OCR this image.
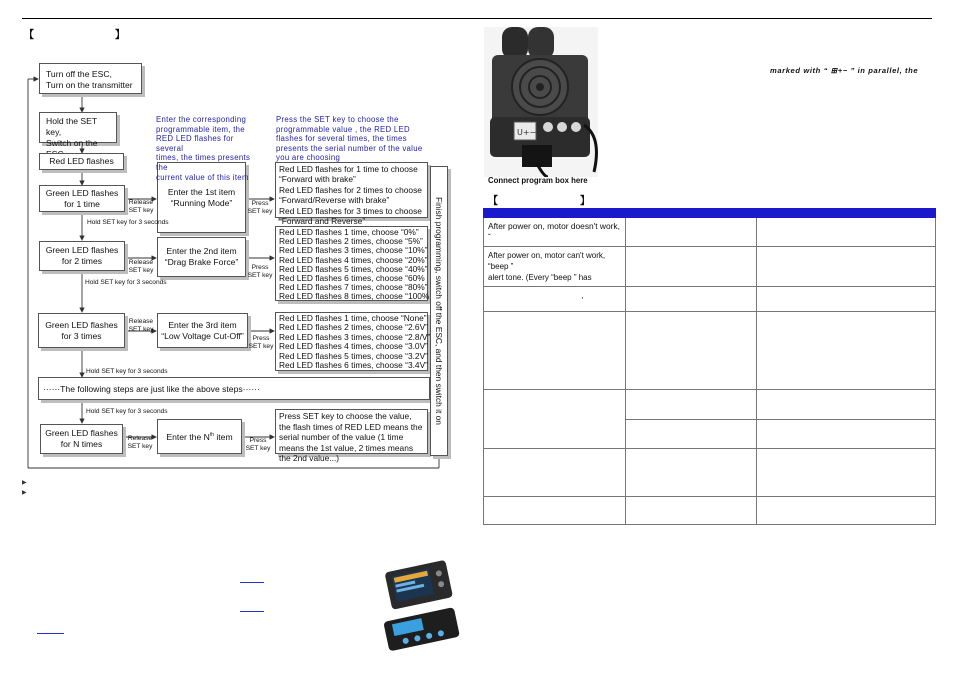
【	】
Turn off the ESC,
Turn on the transmitter
Hold the SET key,
Switch on the
Red LED flashes
Green LED flashes
for 1 time
Green LED flashes
for 2 times
Green LED flashes
for 3 times
······The following steps are just like the above steps······
Green LED flashes
for N times
Enter the 1st item
“Running Mode”
Enter the 2nd item
“Drag Brake Force”
Enter the 3rd item
“Low Voltage Cut-Off”
Enter the $N^{th}$ item
Release
SET key
Release
SET key
Release
SET key
Release
SET key
Press
SET key
Press
SET key
Press
SET key
Press
SET key
Hold SET key for 3 seconds
Hold SET key for 3 seconds
Hold SET key for 3 seconds
Hold SET key for 3 seconds
Enter the corresponding
programmable item, the
RED LED flashes for several
times, the times presents the
current value of this item
Press the SET key to choose the
programmable value , the RED LED
flashes for several times, the times
presents the serial number of the value
you are choosing
Red LED flashes for 1 time to choose
“Forward with brake”
Red LED flashes for 2 times to choose
“Forward/Reverse with brake”
Red LED flashes for 3 times to choose
“Forward and Reverse”
Red LED flashes 1 time, choose “0%”
Red LED flashes 2 times, choose “5%”
Red LED flashes 3 times, choose “10%”
Red LED flashes 4 times, choose “20%”
Red LED flashes 5 times, choose “40%”
Red LED flashes 6 times, choose “60%
Red LED flashes 7 times, choose “80%”
Red LED flashes 8 times, choose “100%
Red LED flashes 1 time, choose “None”
Red LED flashes 2 times, choose “2.6V”
Red LED flashes 3 times, choose “2.8/V”
Red LED flashes 4 times, choose “3.0V”
Red LED flashes 5 times, choose “3.2V”
Red LED flashes 6 times, choose “3.4V”
Press SET key to choose the value, the flash times of RED LED means the serial number of the value (1 time means the 1st value, 2 times means the 2nd value...)
Finish programming, switch off the ESC, and then switch it on
▶
▶
U+−
Connect program box here
marked with “ ⊞+− ” in parallel, the
【	】

After power on, motor doesn't work,
ˇ		
After power on, motor can't work,
“beep ”
alert tone. (Every “beep ” has		
,		
